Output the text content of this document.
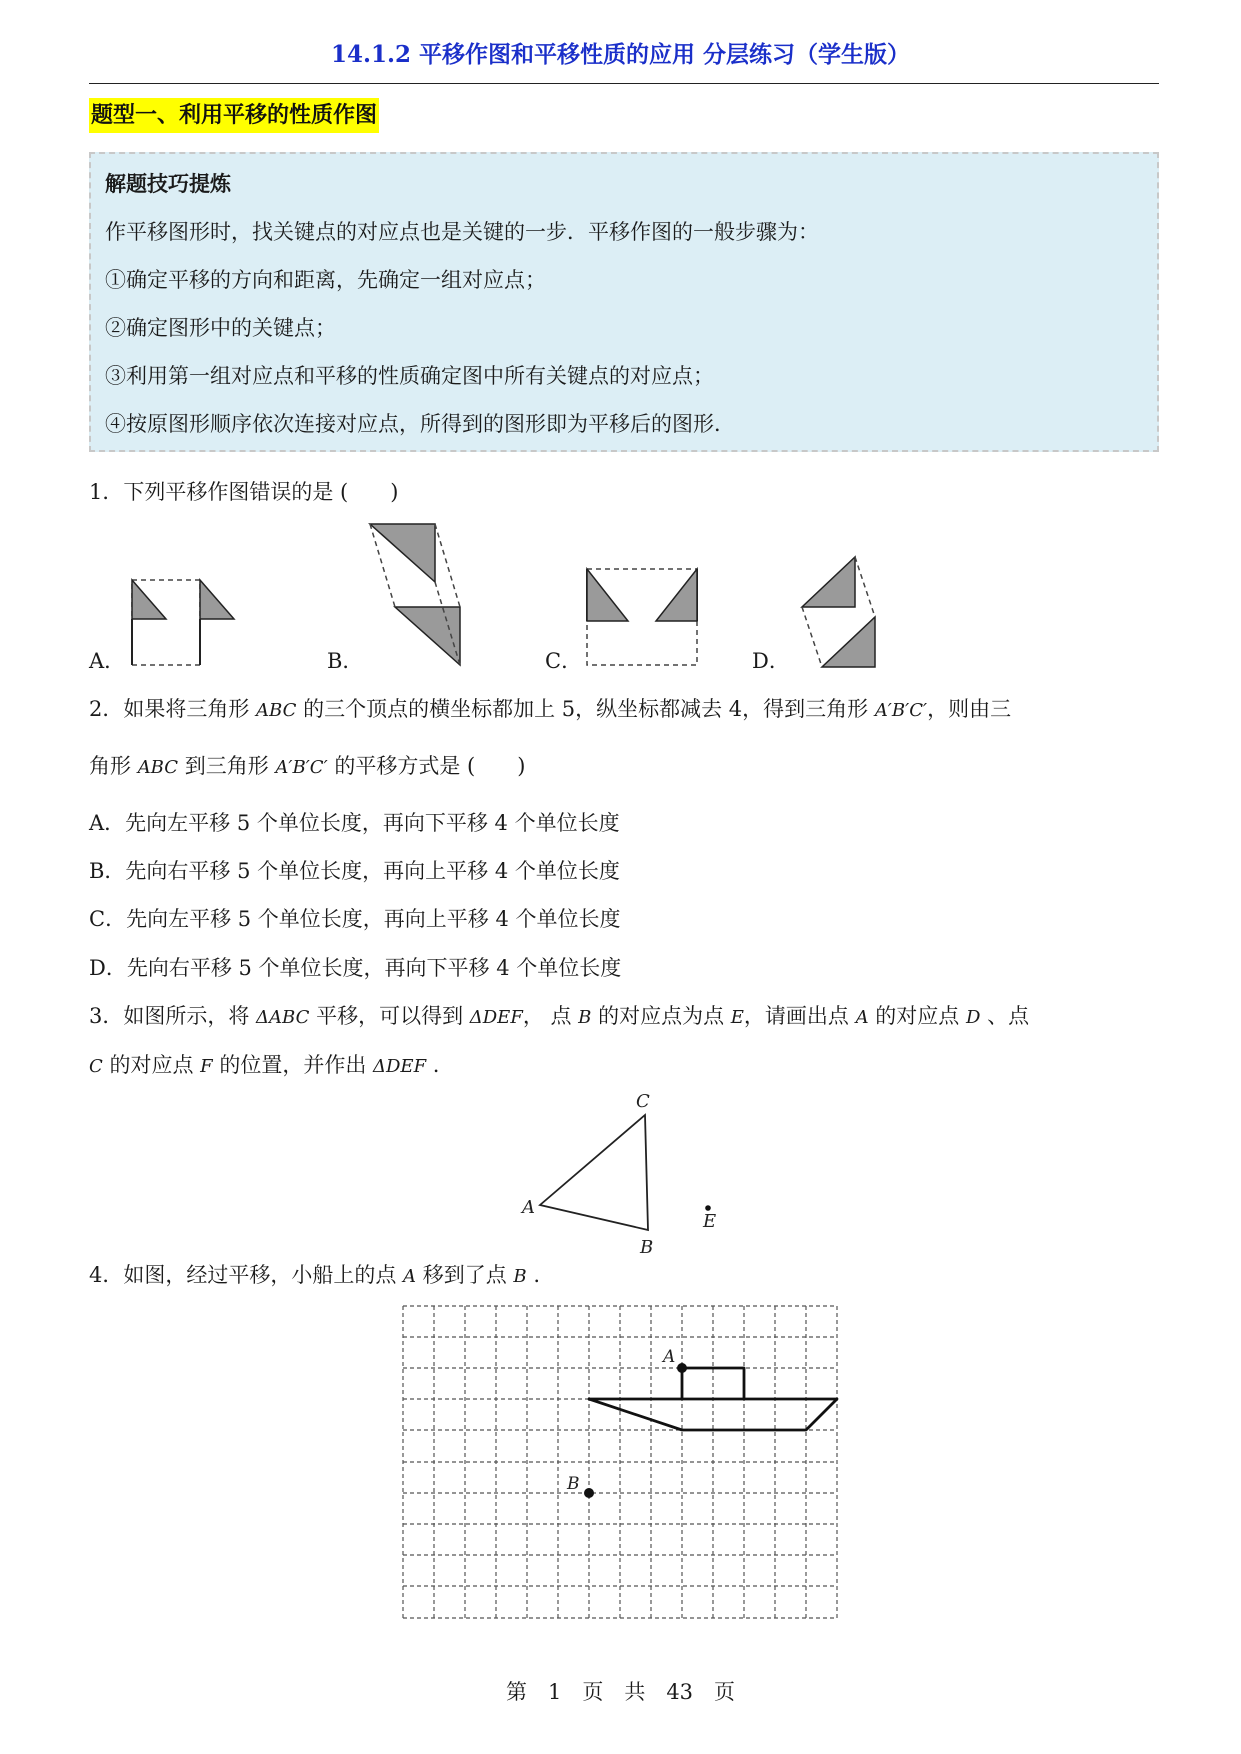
14.1.2 平移作图和平移性质的应用 分层练习（学生版）
题型一、利用平移的性质作图
解题技巧提炼
作平移图形时，找关键点的对应点也是关键的一步．平移作图的一般步骤为：
①确定平移的方向和距离，先确定一组对应点；
②确定图形中的关键点；
③利用第一组对应点和平移的性质确定图中所有关键点的对应点；
④按原图形顺序依次连接对应点，所得到的图形即为平移后的图形．
1．下列平移作图错误的是 (　　)
A．	B．	C．	D．
2．如果将三角形 ABC 的三个顶点的横坐标都加上 5，纵坐标都减去 4，得到三角形 A′B′C′，则由三
角形 ABC 到三角形 A′B′C′ 的平移方式是 (　　)
A．先向左平移 5 个单位长度，再向下平移 4 个单位长度
B．先向右平移 5 个单位长度，再向上平移 4 个单位长度
C．先向左平移 5 个单位长度，再向上平移 4 个单位长度
D．先向右平移 5 个单位长度，再向下平移 4 个单位长度
3．如图所示，将 ΔABC 平移，可以得到 ΔDEF， 点 B 的对应点为点 E，请画出点 A 的对应点 D 、点
C 的对应点 F 的位置，并作出 ΔDEF .
A
C
B
E
4．如图，经过平移，小船上的点 A 移到了点 B .
A
B
第　1　页　共　43　页
